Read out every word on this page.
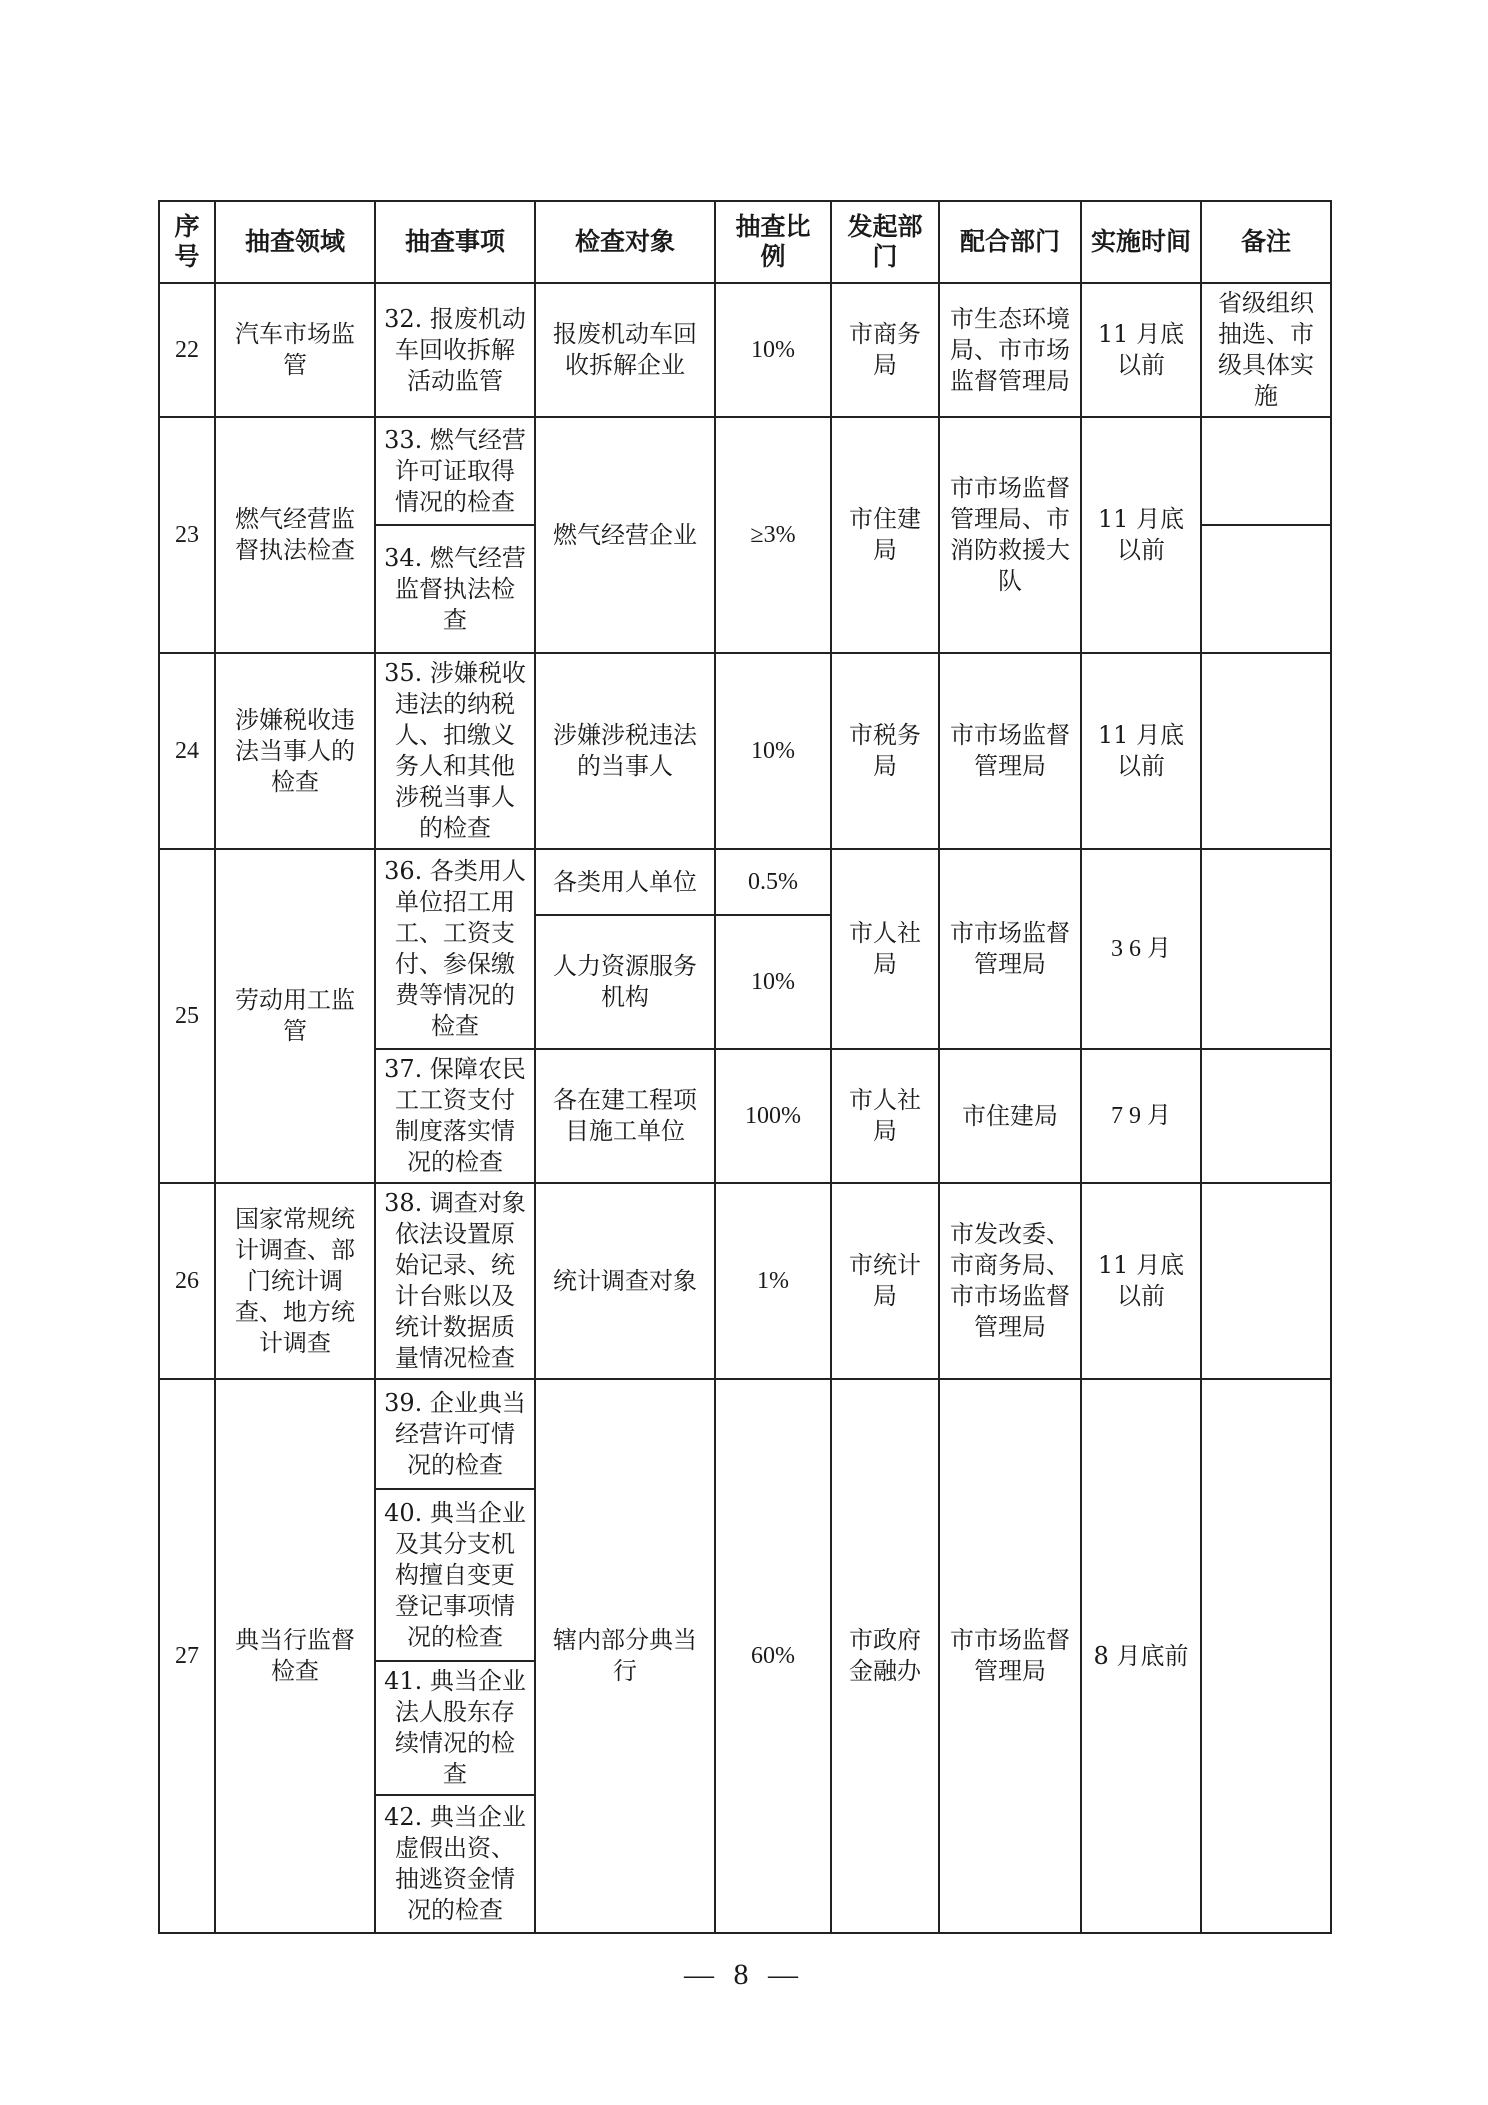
序号	抽查领域	抽查事项	检查对象	抽查比例	发起部门	配合部门	实施时间	备注
22	汽车市场监管	32. 报废机动车回收拆解活动监管	报废机动车回收拆解企业	10%	市商务局	市生态环境局、市市场监督管理局	11 月底以前	省级组织抽选、市级具体实施
23	燃气经营监督执法检查	33. 燃气经营许可证取得情况的检查	燃气经营企业	≥3%	市住建局	市市场监督管理局、市消防救援大队	11 月底以前	
		34. 燃气经营监督执法检查						
24	涉嫌税收违法当事人的检查	35. 涉嫌税收违法的纳税人、扣缴义务人和其他涉税当事人的检查	涉嫌涉税违法的当事人	10%	市税务局	市市场监督管理局	11 月底以前	
25	劳动用工监管	36. 各类用人单位招工用工、工资支付、参保缴费等情况的检查	各类用人单位	0.5%	市人社局	市市场监督管理局	3 6 月	
			人力资源服务机构	10%				
		37. 保障农民工工资支付制度落实情况的检查	各在建工程项目施工单位	100%	市人社局	市住建局	7 9 月	
26	国家常规统计调查、部门统计调查、地方统计调查	38. 调查对象依法设置原始记录、统计台账以及统计数据质量情况检查	统计调查对象	1%	市统计局	市发改委、市商务局、市市场监督管理局	11 月底以前	
27	典当行监督检查	39. 企业典当经营许可情况的检查	辖内部分典当行	60%	市政府金融办	市市场监督管理局	8 月底前	
		40. 典当企业及其分支机构擅自变更登记事项情况的检查						
		41. 典当企业法人股东存续情况的检查						
		42. 典当企业虚假出资、抽逃资金情况的检查						
— 8 —
